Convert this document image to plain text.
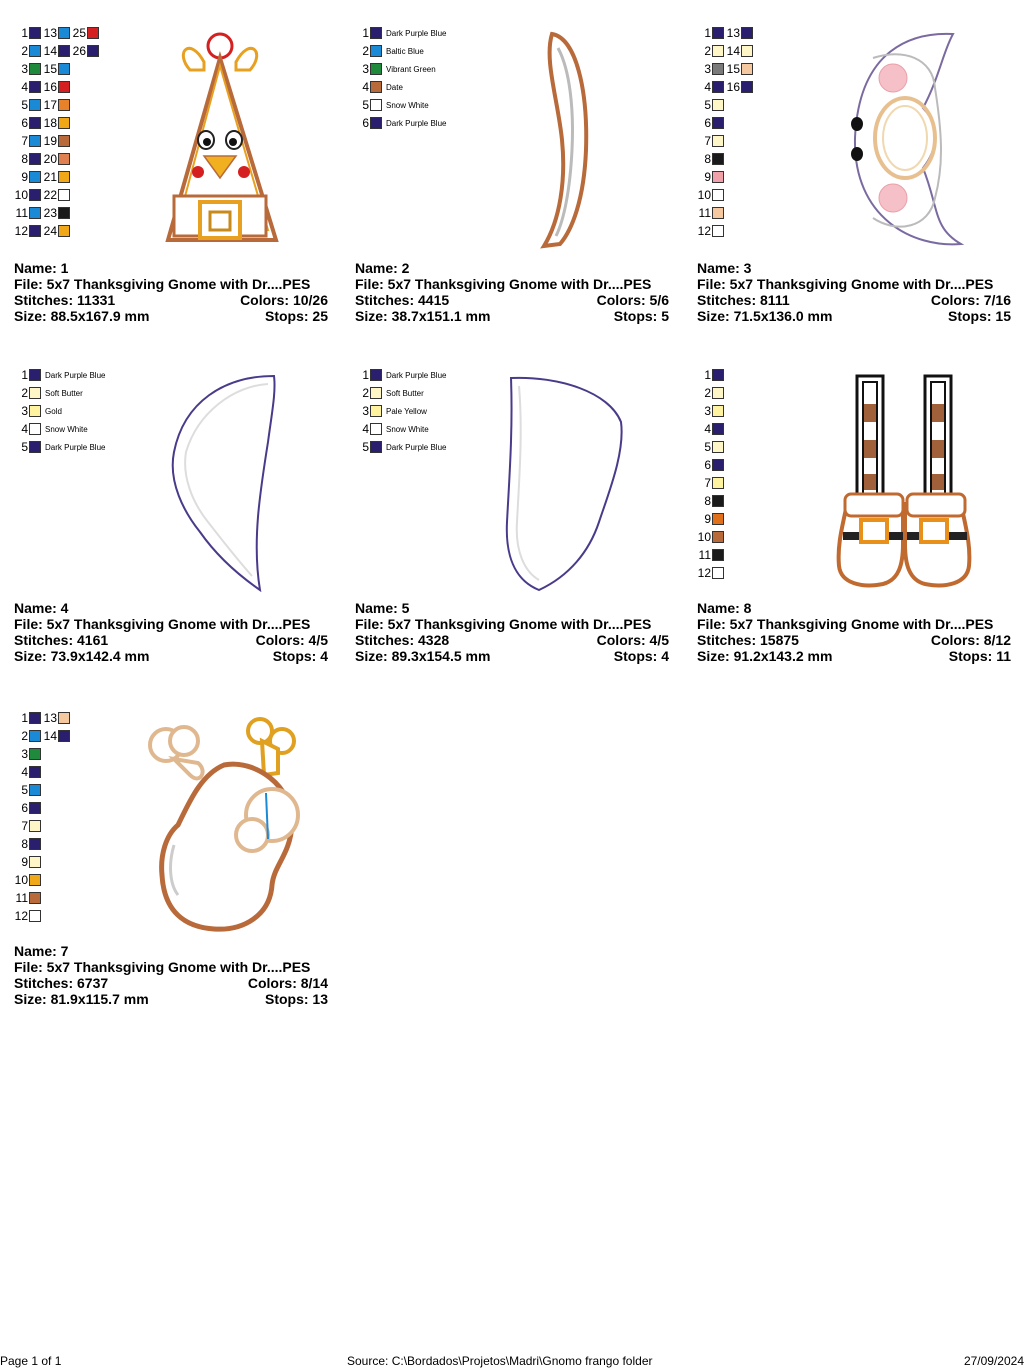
1
2
3
4
5
6
7
8
9
10
11
12
13
14
15
16
17
18
19
20
21
22
23
24
25
26
Name: 1
File: 5x7 Thanksgiving Gnome with Dr....PES
Stitches: 11331	Colors: 10/26
Size: 88.5x167.9 mm	Stops: 25
1 Dark Purple Blue
2 Baltic Blue
3 Vibrant Green
4 Date
5 Snow White
6 Dark Purple Blue
Name: 2
File: 5x7 Thanksgiving Gnome with Dr....PES
Stitches: 4415	Colors: 5/6
Size: 38.7x151.1 mm	Stops: 5
1
2
3
4
5
6
7
8
9
10
11
12
13
14
15
16
Name: 3
File: 5x7 Thanksgiving Gnome with Dr....PES
Stitches: 8111	Colors: 7/16
Size: 71.5x136.0 mm	Stops: 15
1 Dark Purple Blue
2 Soft Butter
3 Gold
4 Snow White
5 Dark Purple Blue
Name: 4
File: 5x7 Thanksgiving Gnome with Dr....PES
Stitches: 4161	Colors: 4/5
Size: 73.9x142.4 mm	Stops: 4
1 Dark Purple Blue
2 Soft Butter
3 Pale Yellow
4 Snow White
5 Dark Purple Blue
Name: 5
File: 5x7 Thanksgiving Gnome with Dr....PES
Stitches: 4328	Colors: 4/5
Size: 89.3x154.5 mm	Stops: 4
1
2
3
4
5
6
7
8
9
10
11
12
Name: 8
File: 5x7 Thanksgiving Gnome with Dr....PES
Stitches: 15875	Colors: 8/12
Size: 91.2x143.2 mm	Stops: 11
1
2
3
4
5
6
7
8
9
10
11
12
13
14
Name: 7
File: 5x7 Thanksgiving Gnome with Dr....PES
Stitches: 6737	Colors: 8/14
Size: 81.9x115.7 mm	Stops: 13
Page 1 of 1	Source: C:\Bordados\Projetos\Madri\Gnomo frango folder	27/09/2024
